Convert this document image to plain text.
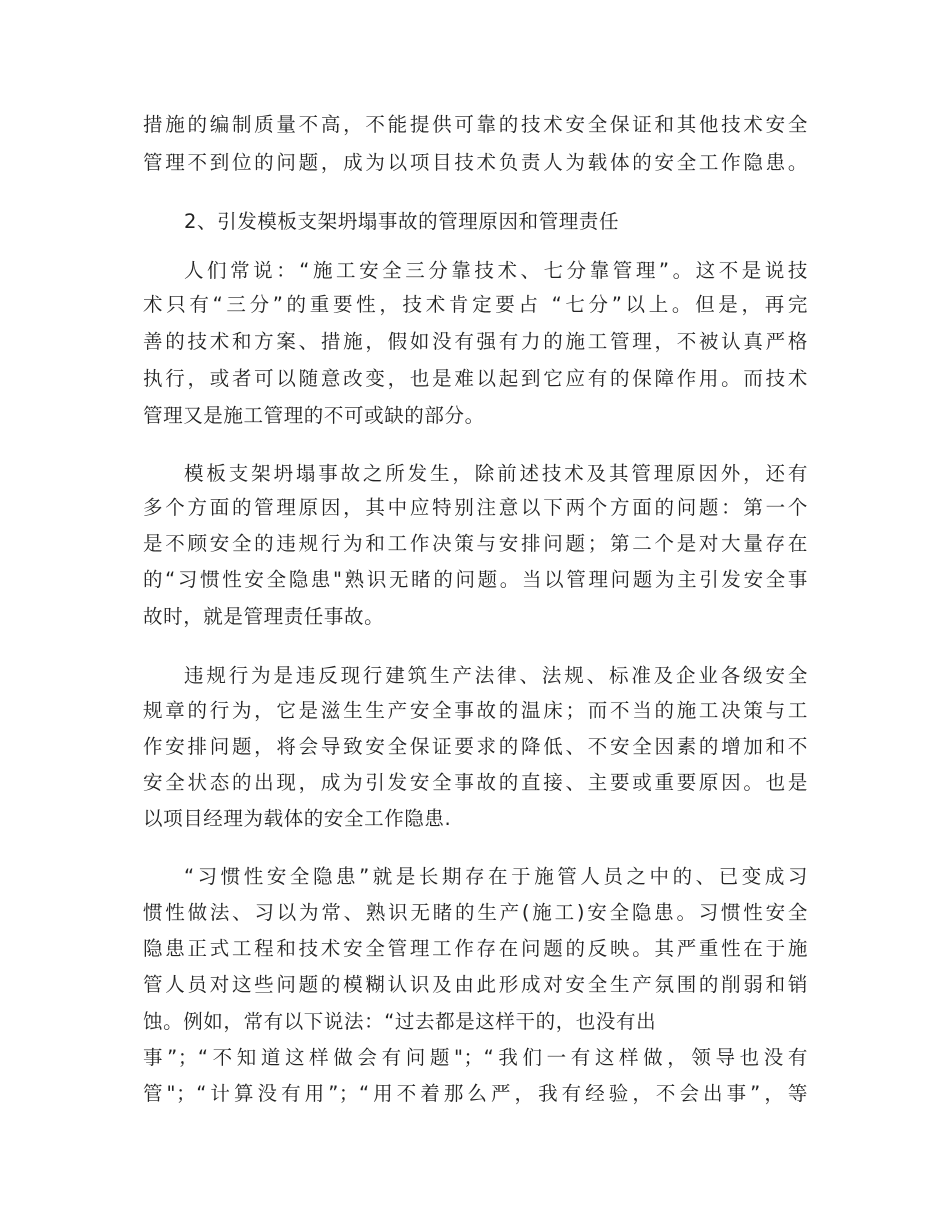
措施的编制质量不高，不能提供可靠的技术安全保证和其他技术安全
管理不到位的问题，成为以项目技术负责人为载体的安全工作隐患。
2、引发模板支架坍塌事故的管理原因和管理责任
人们常说：“施工安全三分靠技术、七分靠管理”。这不是说技
术只有“三分”的重要性，技术肯定要占 “七分”以上。但是，再完
善的技术和方案、措施，假如没有强有力的施工管理，不被认真严格
执行，或者可以随意改变，也是难以起到它应有的保障作用。而技术
管理又是施工管理的不可或缺的部分。
模板支架坍塌事故之所发生，除前述技术及其管理原因外，还有
多个方面的管理原因，其中应特别注意以下两个方面的问题：第一个
是不顾安全的违规行为和工作决策与安排问题；第二个是对大量存在
的“习惯性安全隐患"熟识无睹的问题。当以管理问题为主引发安全事
故时，就是管理责任事故。
违规行为是违反现行建筑生产法律、法规、标准及企业各级安全
规章的行为，它是滋生生产安全事故的温床；而不当的施工决策与工
作安排问题，将会导致安全保证要求的降低、不安全因素的增加和不
安全状态的出现，成为引发安全事故的直接、主要或重要原因。也是
以项目经理为载体的安全工作隐患.
“习惯性安全隐患”就是长期存在于施管人员之中的、已变成习
惯性做法、习以为常、熟识无睹的生产(施工)安全隐患。习惯性安全
隐患正式工程和技术安全管理工作存在问题的反映。其严重性在于施
管人员对这些问题的模糊认识及由此形成对安全生产氛围的削弱和销
蚀。例如，常有以下说法：“过去都是这样干的，也没有出
事”；“不知道这样做会有问题"；“我们一有这样做，领导也没有
管"；“计算没有用”；“用不着那么严，我有经验，不会出事”，等
